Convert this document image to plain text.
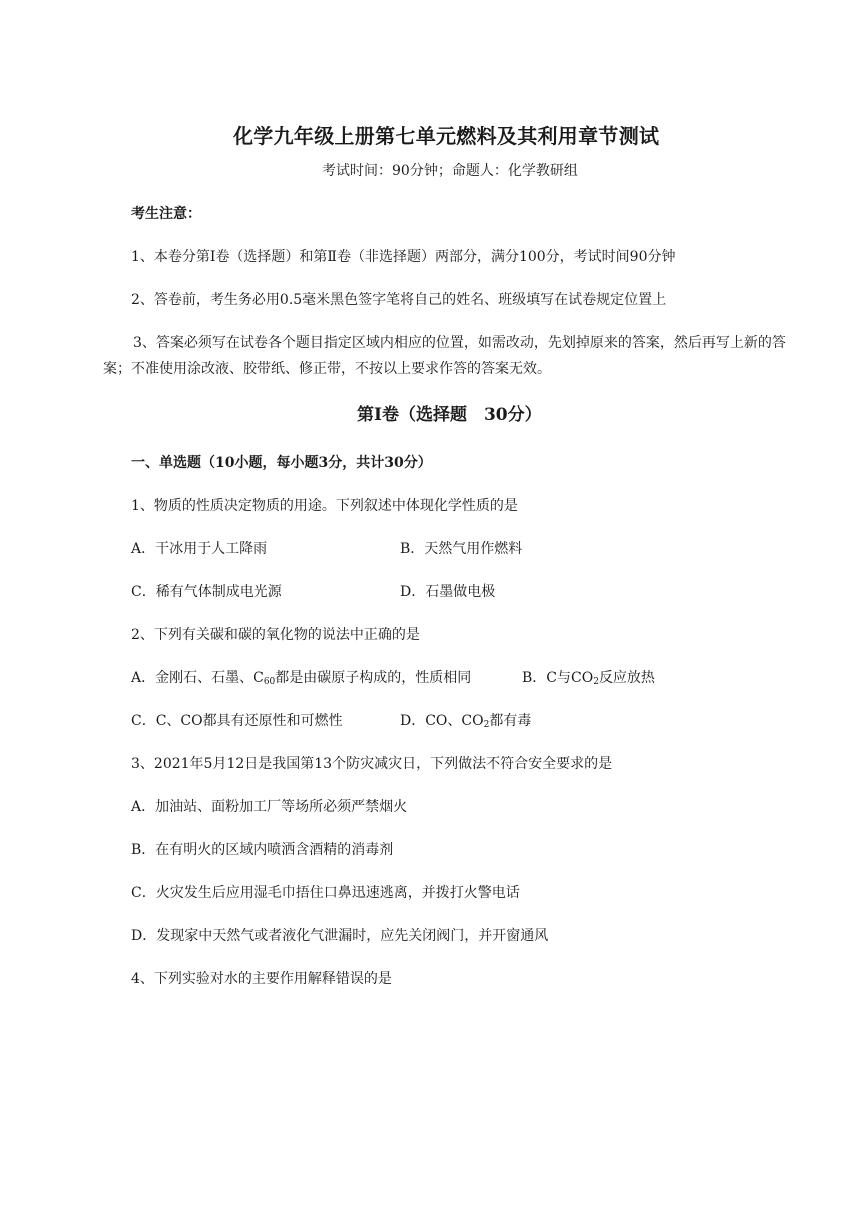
化学九年级上册第七单元燃料及其利用章节测试
考试时间：90分钟；命题人：化学教研组
考生注意：
1、本卷分第Ⅰ卷（选择题）和第Ⅱ卷（非选择题）两部分，满分100分，考试时间90分钟
2、答卷前，考生务必用0.5毫米黑色签字笔将自己的姓名、班级填写在试卷规定位置上
3、答案必须写在试卷各个题目指定区域内相应的位置，如需改动，先划掉原来的答案，然后再写上新的答案；不准使用涂改液、胶带纸、修正带，不按以上要求作答的答案无效。
第Ⅰ卷（选择题　30分）
一、单选题（10小题，每小题3分，共计30分）
1、物质的性质决定物质的用途。下列叙述中体现化学性质的是
A．干冰用于人工降雨	B．天然气用作燃料
C．稀有气体制成电光源	D．石墨做电极
2、下列有关碳和碳的氧化物的说法中正确的是
A．金刚石、石墨、$C_{60}$都是由碳原子构成的，性质相同	B．C与$CO_2$反应放热
C．C、CO都具有还原性和可燃性	D．CO、$CO_2$都有毒
3、2021年5月12日是我国第13个防灾减灾日，下列做法不符合安全要求的是
A．加油站、面粉加工厂等场所必须严禁烟火
B．在有明火的区域内喷洒含酒精的消毒剂
C．火灾发生后应用湿毛巾捂住口鼻迅速逃离，并拨打火警电话
D．发现家中天然气或者液化气泄漏时，应先关闭阀门，并开窗通风
4、下列实验对水的主要作用解释错误的是
